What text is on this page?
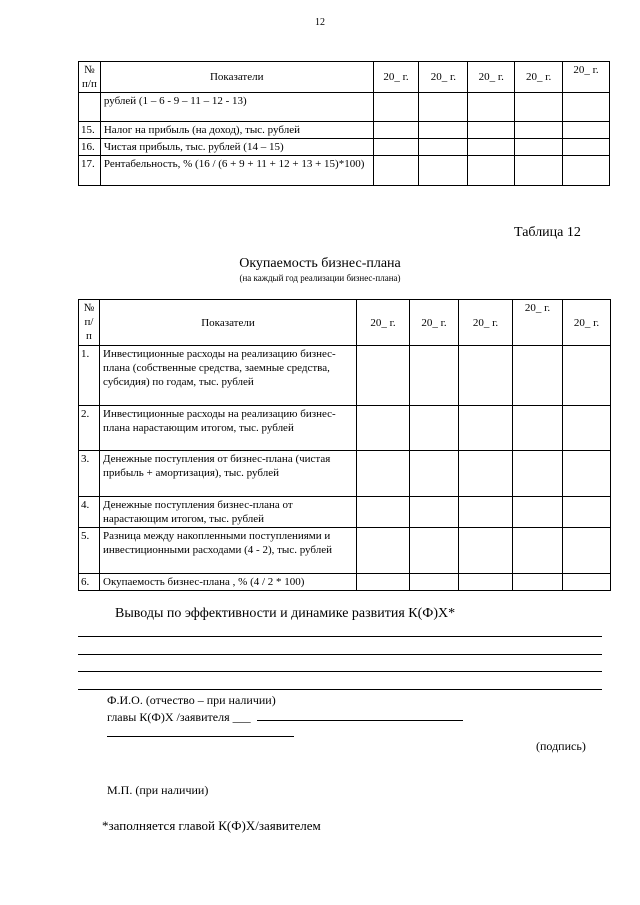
12
№ п/п	Показатели	20_ г.	20_ г.	20_ г.	20_ г.	20_ г.
	рублей (1 – 6 - 9 – 11 – 12 - 13)					
15.	Налог на прибыль (на доход), тыс. рублей					
16.	Чистая прибыль, тыс. рублей (14 – 15)					
17.	Рентабельность, % (16 / (6 + 9 + 11 + 12 + 13 + 15)*100)					
Таблица 12
Окупаемость бизнес-плана
(на каждый год реализации бизнес-плана)
№ п/ п	Показатели	20_ г.	20_ г.	20_ г.	20_ г.	20_ г.
1.	Инвестиционные расходы на реализацию бизнес-плана (собственные средства, заемные средства, субсидия) по годам, тыс. рублей					
2.	Инвестиционные расходы на реализацию бизнес-плана нарастающим итогом, тыс. рублей					
3.	Денежные поступления от бизнес-плана (чистая прибыль + амортизация), тыс. рублей					
4.	Денежные поступления бизнес-плана от нарастающим итогом, тыс. рублей					
5.	Разница между накопленными поступлениями и инвестиционными расходами (4 - 2), тыс. рублей					
6.	Окупаемость бизнес-плана , % (4 / 2 * 100)					
Выводы по эффективности и динамике развития К(Ф)Х*
Ф.И.О. (отчество – при наличии)
главы К(Ф)Х /заявителя ___
(подпись)
М.П. (при наличии)
*заполняется главой К(Ф)Х/заявителем
